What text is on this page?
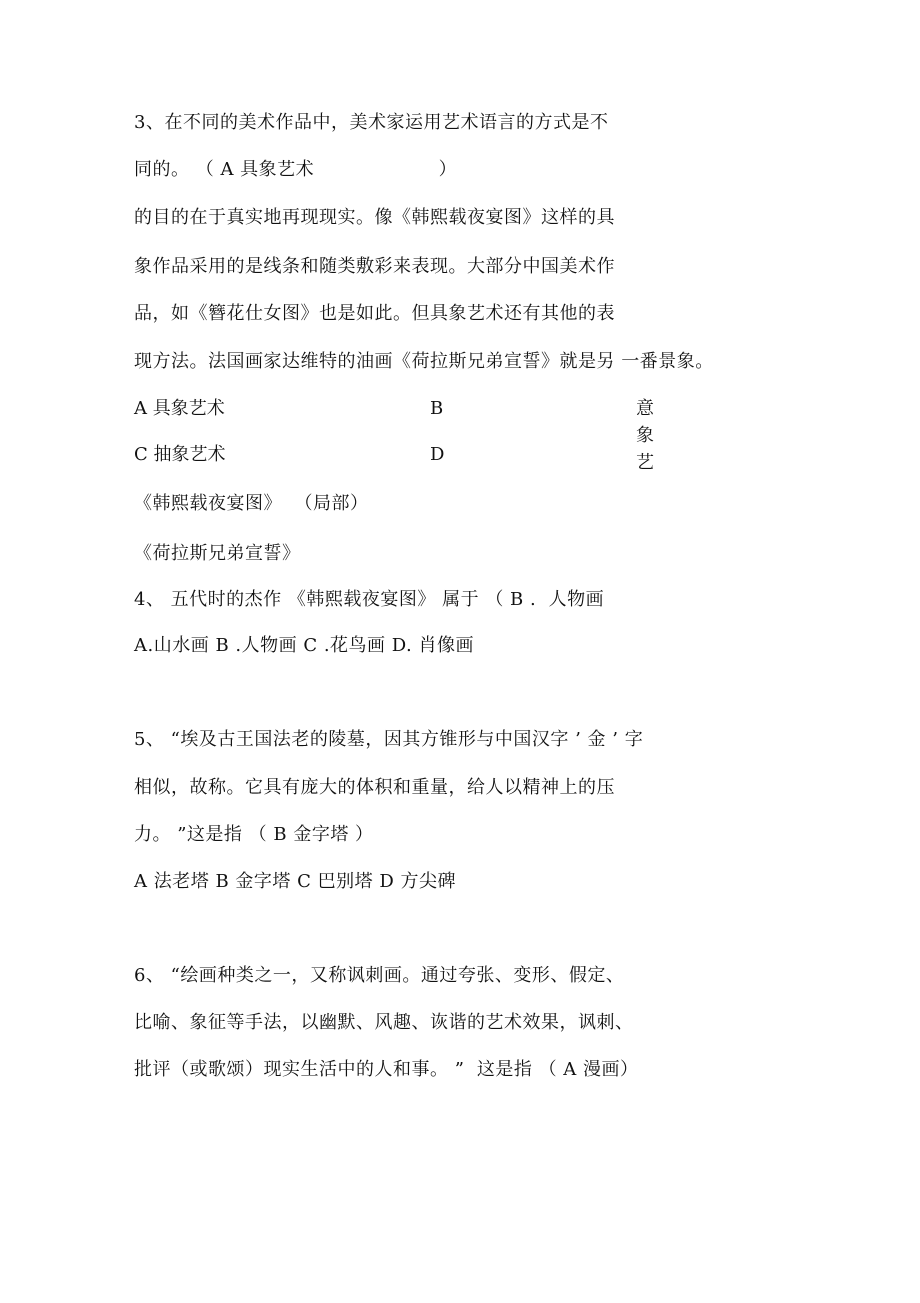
3、在不同的美术作品中，美术家运用艺术语言的方式是不
同的。 （ A 具象艺术                    ）
的目的在于真实地再现现实。像《韩熙载夜宴图》这样的具
象作品采用的是线条和随类敷彩来表现。大部分中国美术作
品，如《簪花仕女图》也是如此。但具象艺术还有其他的表
现方法。法国画家达维特的油画《荷拉斯兄弟宣誓》就是另 一番景象。
A 具象艺术	B
C 抽象艺术	D
意
象
艺
《韩熙载夜宴图》  （局部）
《荷拉斯兄弟宣誓》
4、 五代时的杰作 《韩熙载夜宴图》 属于 （ B .  人物画
A.山水画 B .人物画 C .花鸟画 D. 肖像画
5、 “埃及古王国法老的陵墓，因其方锥形与中国汉字 ’ 金 ’ 字
相似，故称。它具有庞大的体积和重量，给人以精神上的压
力。 ”这是指 （ B 金字塔 ）
A 法老塔 B 金字塔 C 巴别塔 D 方尖碑
6、 “绘画种类之一，又称讽刺画。通过夸张、变形、假定、
比喻、象征等手法，以幽默、风趣、诙谐的艺术效果，讽刺、
批评（或歌颂）现实生活中的人和事。 ”  这是指 （ A 漫画）
